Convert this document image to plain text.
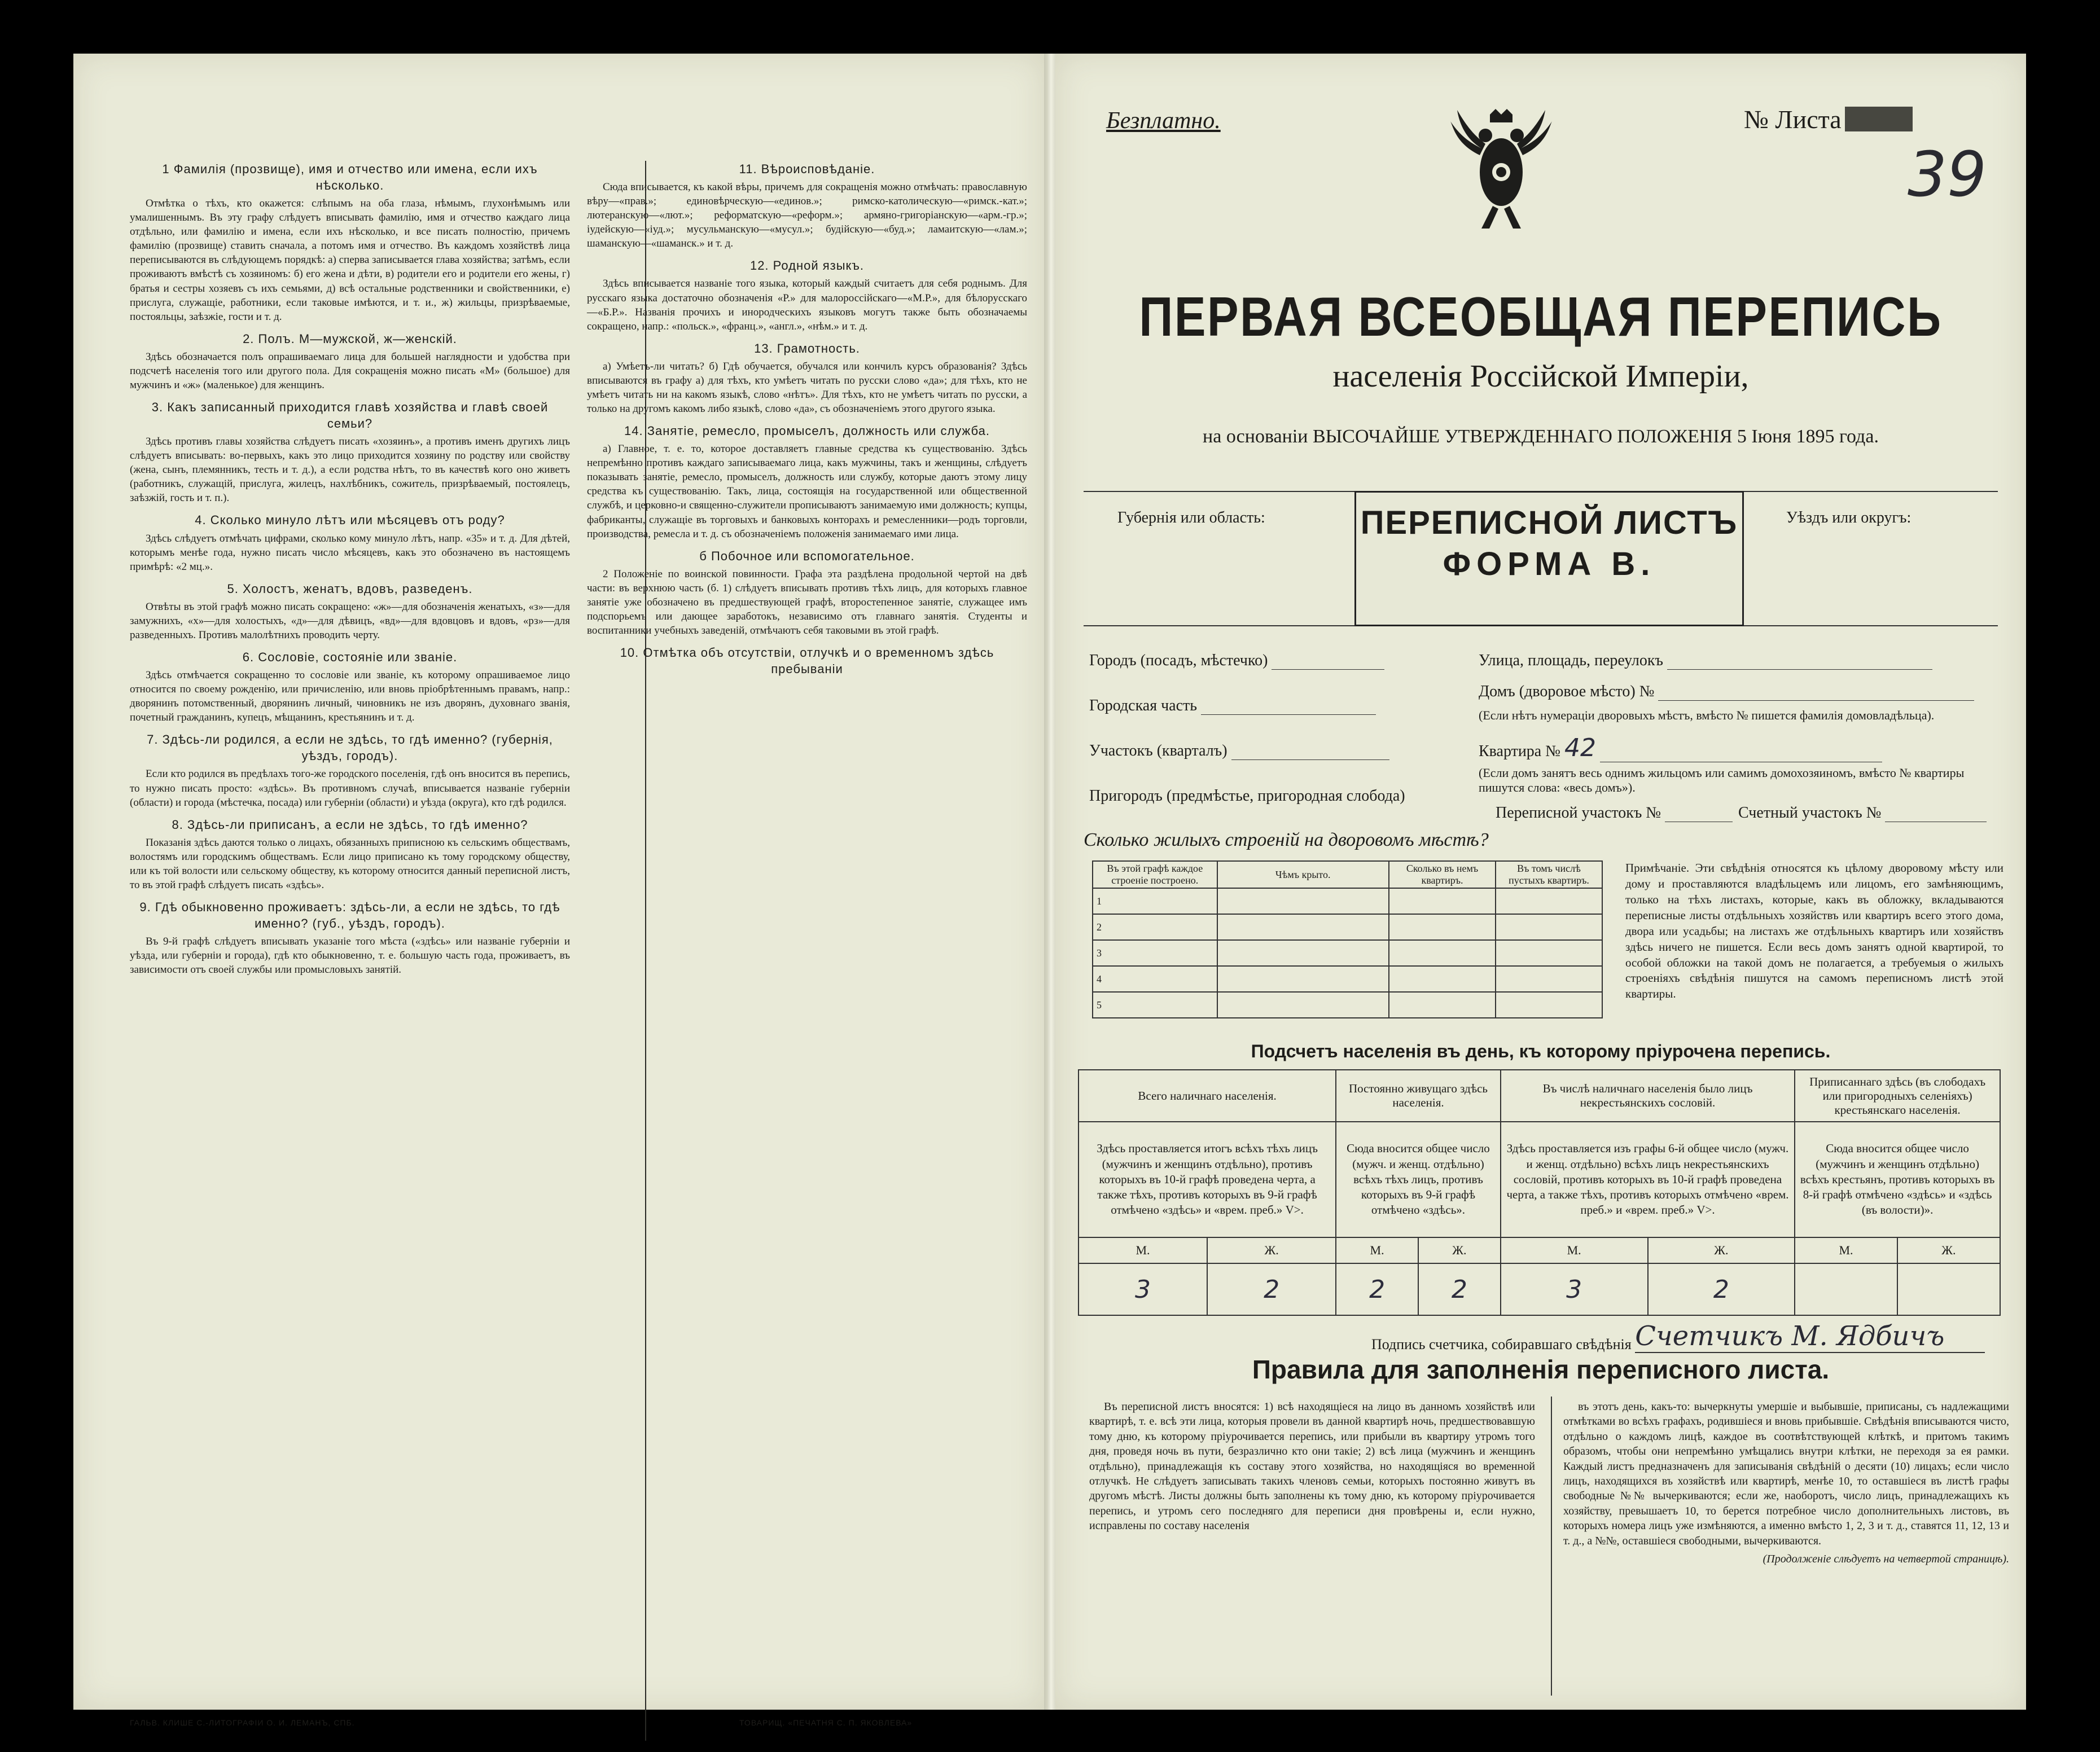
1 Фамилія (прозвище), имя и отчество или имена, если ихъ нѣсколько.

Отмѣтка о тѣхъ, кто окажется: слѣпымъ на оба глаза, нѣмымъ, глухонѣмымъ или умалишеннымъ. Въ эту графу слѣдуетъ вписывать фамилію, имя и отчество каждаго лица отдѣльно, или фамилію и имена, если ихъ нѣсколько, и все писать полностію, причемъ фамилію (прозвище) ставить сначала, а потомъ имя и отчество. Въ каждомъ хозяйствѣ лица переписываются въ слѣдующемъ порядкѣ: а) сперва записывается глава хозяйства; затѣмъ, если проживаютъ вмѣстѣ съ хозяиномъ: б) его жена и дѣти, в) родители его и родители его жены, г) братья и сестры хозяевъ съ ихъ семьями, д) всѣ остальные родственники и свойственники, е) прислуга, служащіе, работники, если таковые имѣются, и т. и., ж) жильцы, призрѣваемые, постояльцы, заѣзжіе, гости и т. д.

2. Полъ. М—мужской, ж—женскій.

Здѣсь обозначается полъ опрашиваемаго лица для большей наглядности и удобства при подсчетѣ населенія того или другого пола. Для сокращенія можно писать «М» (большое) для мужчинъ и «ж» (маленькое) для женщинъ.

3. Какъ записанный приходится главѣ хозяйства и главѣ своей семьи?

Здѣсь противъ главы хозяйства слѣдуетъ писать «хозяинъ», а противъ именъ другихъ лицъ слѣдуетъ вписывать: во-первыхъ, какъ это лицо приходится хозяину по родству или свойству (жена, сынъ, племянникъ, тесть и т. д.), а если родства нѣтъ, то въ качествѣ кого оно живетъ (работникъ, служащій, прислуга, жилецъ, нахлѣбникъ, сожитель, призрѣваемый, постоялецъ, заѣзжій, гость и т. п.).

4. Сколько минуло лѣтъ или мѣсяцевъ отъ роду?

Здѣсь слѣдуетъ отмѣчать цифрами, сколько кому минуло лѣтъ, напр. «35» и т. д. Для дѣтей, которымъ менѣе года, нужно писать число мѣсяцевъ, какъ это обозначено въ настоящемъ примѣрѣ: «2 мц.».

5. Холостъ, женатъ, вдовъ, разведенъ.

Отвѣты въ этой графѣ можно писать сокращено: «ж»—для обозначенія женатыхъ, «з»—для замужнихъ, «х»—для холостыхъ, «д»—для дѣвицъ, «вд»—для вдовцовъ и вдовъ, «рз»—для разведенныхъ. Противъ малолѣтнихъ проводить черту.

6. Сословіе, состояніе или званіе.

Здѣсь отмѣчается сокращенно то сословіе или званіе, къ которому опрашиваемое лицо относится по своему рожденію, или причисленію, или вновь пріобрѣтеннымъ правамъ, напр.: дворянинъ потомственный, дворянинъ личный, чиновникъ не изъ дворянъ, духовнаго званія, почетный гражданинъ, купецъ, мѣщанинъ, крестьянинъ и т. д.

7. Здѣсь-ли родился, а если не здѣсь, то гдѣ именно? (губернія, уѣздъ, городъ).

Если кто родился въ предѣлахъ того-же городского поселенія, гдѣ онъ вносится въ перепись, то нужно писать просто: «здѣсь». Въ противномъ случаѣ, вписывается названіе губерніи (области) и города (мѣстечка, посада) или губерніи (области) и уѣзда (округа), кто гдѣ родился.

8. Здѣсь-ли приписанъ, а если не здѣсь, то гдѣ именно?

Показанія здѣсь даются только о лицахъ, обязанныхъ приписною къ сельскимъ обществамъ, волостямъ или городскимъ обществамъ. Если лицо приписано къ тому городскому обществу, или къ той волости или сельскому обществу, къ которому относится данный переписной листъ, то въ этой графѣ слѣдуетъ писать «здѣсь».

9. Гдѣ обыкновенно проживаетъ: здѣсь-ли, а если не здѣсь, то гдѣ именно? (губ., уѣздъ, городъ).

Въ 9-й графѣ слѣдуетъ вписывать указаніе того мѣста («здѣсь» или названіе губерніи и уѣзда, или губерніи и города), гдѣ кто обыкновенно, т. е. большую часть года, проживаетъ, въ зависимости отъ своей службы или промысловыхъ занятій.

11. Вѣроисповѣданіе.

Сюда вписывается, къ какой вѣры, причемъ для сокращенія можно отмѣчать: православную вѣру—«прав.»; единовѣрческую—«единов.»; римско-католическую—«римск.-кат.»; лютеранскую—«лют.»; реформатскую—«реформ.»; армяно-григоріанскую—«арм.-гр.»; іудейскую—«іуд.»; мусульманскую—«мусул.»; будійскую—«буд.»; ламаитскую—«лам.»; шаманскую—«шаманск.» и т. д.

12. Родной языкъ.

Здѣсь вписывается названіе того языка, который каждый считаетъ для себя роднымъ. Для русскаго языка достаточно обозначенія «Р.» для малороссійскаго—«М.Р.», для бѣлорусскаго—«Б.Р.». Названія прочихъ и инородческихъ языковъ могутъ также быть обозначаемы сокращено, напр.: «польск.», «франц.», «англ.», «нѣм.» и т. д.

13. Грамотность.

а) Умѣетъ-ли читать? б) Гдѣ обучается, обучался или кончилъ курсъ образованія? Здѣсь вписываются въ графу а) для тѣхъ, кто умѣетъ читать по русски слово «да»; для тѣхъ, кто не умѣетъ читать ни на какомъ языкѣ, слово «нѣтъ». Для тѣхъ, кто не умѣетъ читать по русски, а только на другомъ какомъ либо языкѣ, слово «да», съ обозначеніемъ этого другого языка.

14. Занятіе, ремесло, промыселъ, должность или служба.

а) Главное, т. е. то, которое доставляетъ главные средства къ существованію. Здѣсь непремѣнно противъ каждаго записываемаго лица, какъ мужчины, такъ и женщины, слѣдуетъ показывать занятіе, ремесло, промыселъ, должность или службу, которые даютъ этому лицу средства къ существованію. Такъ, лица, состоящія на государственной или общественной службѣ, и церковно-и священно-служители прописываютъ занимаемую ими должность; купцы, фабриканты, служащіе въ торговыхъ и банковыхъ конторахъ и ремесленники—родъ торговли, производства, ремесла и т. д. съ обозначеніемъ положенія занимаемаго ими лица.

б Побочное или вспомогательное.

2 Положеніе по воинской повинности. Графа эта раздѣлена продольной чертой на двѣ части: въ верхнюю часть (б. 1) слѣдуетъ вписывать противъ тѣхъ лицъ, для которыхъ главное занятіе уже обозначено въ предшествующей графѣ, второстепенное занятіе, служащее имъ подспорьемъ или дающее заработокъ, независимо отъ главнаго занятія. Студенты и воспитанники учебныхъ заведеній, отмѣчаютъ себя таковыми въ этой графѣ.

10. Отмѣтка объ отсутствіи, отлучкѣ и о временномъ здѣсь пребываніи
ГАЛЬВ. КЛИШЕ С.-ЛИТОГРАФІИ О. И. ЛЕМАНЪ, СПБ.	ТОВАРИЩ. «ПЕЧАТНЯ С. П. ЯКОВЛЕВА»
Безплатно.	№ Листа
39
ПЕРВАЯ ВСЕОБЩАЯ ПЕРЕПИСЬ
населенія Россійской Имперіи,
на основаніи ВЫСОЧАЙШЕ УТВЕРЖДЕННАГО ПОЛОЖЕНІЯ 5 Іюня 1895 года.
Губернія или область:	ПЕРЕПИСНОЙ ЛИСТЪ
ФОРМА В.
Уѣздъ или округъ:
Городъ (посадъ, мѣстечко)
Городская часть
Участокъ (кварталъ)
Пригородъ (предмѣстье, пригородная слобода)
Улица, площадь, переулокъ
Домъ (дворовое мѣсто) №
(Если нѣтъ нумераціи дворовыхъ мѣстъ, вмѣсто № пишется фамилія домовладѣльца).
Квартира № 42
(Если домъ занятъ весь однимъ жильцомъ или самимъ домохозяиномъ, вмѣсто № квартиры пишутся слова: «весь домъ»).
Переписной участокъ №	Счетный участокъ №
Сколько жилыхъ строеній на дворовомъ мѣстѣ?
Въ этой графѣ каждое строеніе построено.	Чѣмъ крыто.	Сколько въ немъ квартиръ.	Въ томъ числѣ пустыхъ квартиръ.
1			
2			
3			
4			
5			
Примѣчаніе. Эти свѣдѣнія относятся къ цѣлому дворовому мѣсту или дому и проставляются владѣльцемъ или лицомъ, его замѣняющимъ, только на тѣхъ листахъ, которые, какъ въ обложку, вкладываются переписные листы отдѣльныхъ хозяйствъ или квартиръ всего этого дома, двора или усадьбы; на листахъ же отдѣльныхъ квартиръ или хозяйствъ здѣсь ничего не пишется. Если весь домъ занятъ одной квартирой, то особой обложки на такой домъ не полагается, а требуемыя о жилыхъ строеніяхъ свѣдѣнія пишутся на самомъ переписномъ листѣ этой квартиры.
Подсчетъ населенія въ день, къ которому пріурочена перепись.
Всего наличнаго населенія.		Постоянно живущаго здѣсь населенія.		Въ числѣ наличнаго населенія было лицъ некрестьянскихъ сословій.		Приписаннаго здѣсь (въ слободахъ или пригородныхъ селеніяхъ) крестьянскаго населенія.	
Здѣсь проставляется итогъ всѣхъ тѣхъ лицъ (мужчинъ и женщинъ отдѣльно), противъ которыхъ въ 10-й графѣ проведена черта, а также тѣхъ, противъ которыхъ въ 9-й графѣ отмѣчено «здѣсь» и «врем. преб.» V>.		Сюда вносится общее число (мужч. и женщ. отдѣльно) всѣхъ тѣхъ лицъ, противъ которыхъ въ 9-й графѣ отмѣчено «здѣсь».		Здѣсь проставляется изъ графы 6-й общее число (мужч. и женщ. отдѣльно) всѣхъ лицъ некрестьянскихъ сословій, противъ которыхъ въ 10-й графѣ проведена черта, а также тѣхъ, противъ которыхъ отмѣчено «врем. преб.» и «врем. преб.» V>.		Сюда вносится общее число (мужчинъ и женщинъ отдѣльно) всѣхъ крестьянъ, противъ которыхъ въ 8-й графѣ отмѣчено «здѣсь» и «здѣсь (въ волости)».	
М.	Ж.	М.	Ж.	М.	Ж.	М.	Ж.
3	2	2	2	3	2		
Подпись счетчика, собиравшаго свѣдѣнія Счетчикъ М. Ядбичъ
Правила для заполненія переписного листа.

Въ переписной листъ вносятся: 1) всѣ находящіеся на лицо въ данномъ хозяйствѣ или квартирѣ, т. е. всѣ эти лица, которыя провели въ данной квартирѣ ночь, предшествовавшую тому дню, къ которому пріурочивается перепись, или прибыли въ квартиру утромъ того дня, проведя ночь въ пути, безразлично кто они такіе; 2) всѣ лица (мужчинъ и женщинъ отдѣльно), принадлежащія къ составу этого хозяйства, но находящіяся во временной отлучкѣ. Не слѣдуетъ записывать такихъ членовъ семьи, которыхъ постоянно живутъ въ другомъ мѣстѣ. Листы должны быть заполнены къ тому дню, къ которому пріурочивается перепись, и утромъ сего последняго для переписи дня провѣрены и, если нужно, исправлены по составу населенія

въ этотъ день, какъ-то: вычеркнуты умершіе и выбывшіе, приписаны, съ надлежащими отмѣтками во всѣхъ графахъ, родившіеся и вновь прибывшіе. Свѣдѣнія вписываются чисто, отдѣльно о каждомъ лицѣ, каждое въ соотвѣтствующей клѣткѣ, и притомъ такимъ образомъ, чтобы они непремѣнно умѣщались внутри клѣтки, не переходя за ея рамки. Каждый листъ предназначенъ для записыванія свѣдѣній о десяти (10) лицахъ; если число лицъ, находящихся въ хозяйствѣ или квартирѣ, менѣе 10, то оставшіеся въ листѣ графы свободные №№ вычеркиваются; если же, наоборотъ, число лицъ, принадлежащихъ къ хозяйству, превышаетъ 10, то берется потребное число дополнительныхъ листовъ, въ которыхъ номера лицъ уже измѣняются, а именно вмѣсто 1, 2, 3 и т. д., ставятся 11, 12, 13 и т. д., а №№, оставшіеся свободными, вычеркиваются.

(Продолженіе слѣдуетъ на четвертой страницѣ).
